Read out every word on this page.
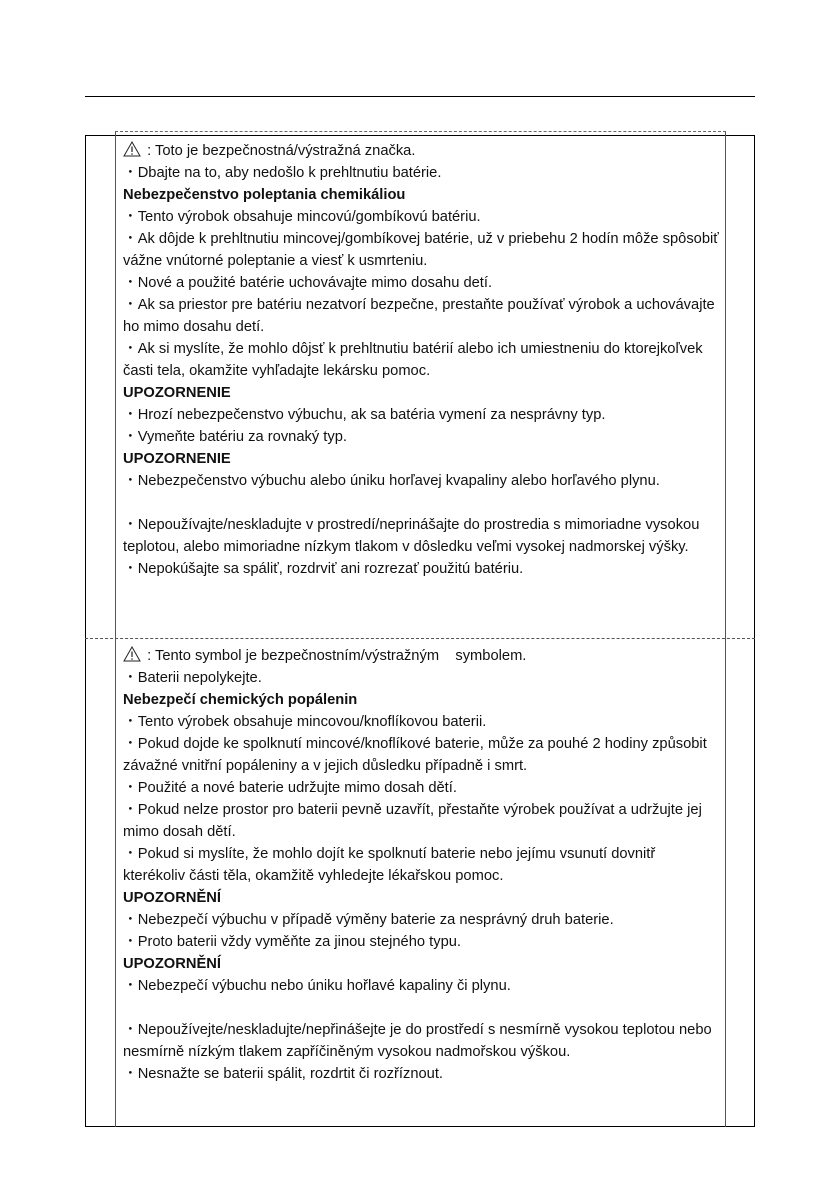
: Toto je bezpečnostná/výstražná značka.
・Dbajte na to, aby nedošlo k prehltnutiu batérie.
Nebezpečenstvo poleptania chemikáliou
・Tento výrobok obsahuje mincovú/gombíkovú batériu.
・Ak dôjde k prehltnutiu mincovej/gombíkovej batérie, už v priebehu 2 hodín môže spôsobiť vážne vnútorné poleptanie a viesť k usmrteniu.
・Nové a použité batérie uchovávajte mimo dosahu detí.
・Ak sa priestor pre batériu nezatvorí bezpečne, prestaňte používať výrobok a uchovávajte ho mimo dosahu detí.
・Ak si myslíte, že mohlo dôjsť k prehltnutiu batérií alebo ich umiestneniu do ktorejkoľvek časti tela, okamžite vyhľadajte lekársku pomoc.
UPOZORNENIE
・Hrozí nebezpečenstvo výbuchu, ak sa batéria vymení za nesprávny typ.
・Vymeňte batériu za rovnaký typ.
UPOZORNENIE
・Nebezpečenstvo výbuchu alebo úniku horľavej kvapaliny alebo horľavého plynu.
・Nepoužívajte/neskladujte v prostredí/neprinášajte do prostredia s mimoriadne vysokou teplotou, alebo mimoriadne nízkym tlakom v dôsledku veľmi vysokej nadmorskej výšky.
・Nepokúšajte sa spáliť, rozdrviť ani rozrezať použitú batériu.
: Tento symbol je bezpečnostním/výstražným    symbolem.
・Baterii nepolykejte.
Nebezpečí chemických popálenin
・Tento výrobek obsahuje mincovou/knoflíkovou baterii.
・Pokud dojde ke spolknutí mincové/knoflíkové baterie, může za pouhé 2 hodiny způsobit závažné vnitřní popáleniny a v jejich důsledku případně i smrt.
・Použité a nové baterie udržujte mimo dosah dětí.
・Pokud nelze prostor pro baterii pevně uzavřít, přestaňte výrobek používat a udržujte jej mimo dosah dětí.
・Pokud si myslíte, že mohlo dojít ke spolknutí baterie nebo jejímu vsunutí dovnitř kterékoliv části těla, okamžitě vyhledejte lékařskou pomoc.
UPOZORNĚNÍ
・Nebezpečí výbuchu v případě výměny baterie za nesprávný druh baterie.
・Proto baterii vždy vyměňte za jinou stejného typu.
UPOZORNĚNÍ
・Nebezpečí výbuchu nebo úniku hořlavé kapaliny či plynu.
・Nepoužívejte/neskladujte/nepřinášejte je do prostředí s nesmírně vysokou teplotou nebo nesmírně nízkým tlakem zapříčiněným vysokou nadmořskou výškou.
・Nesnažte se baterii spálit, rozdrtit či rozříznout.
